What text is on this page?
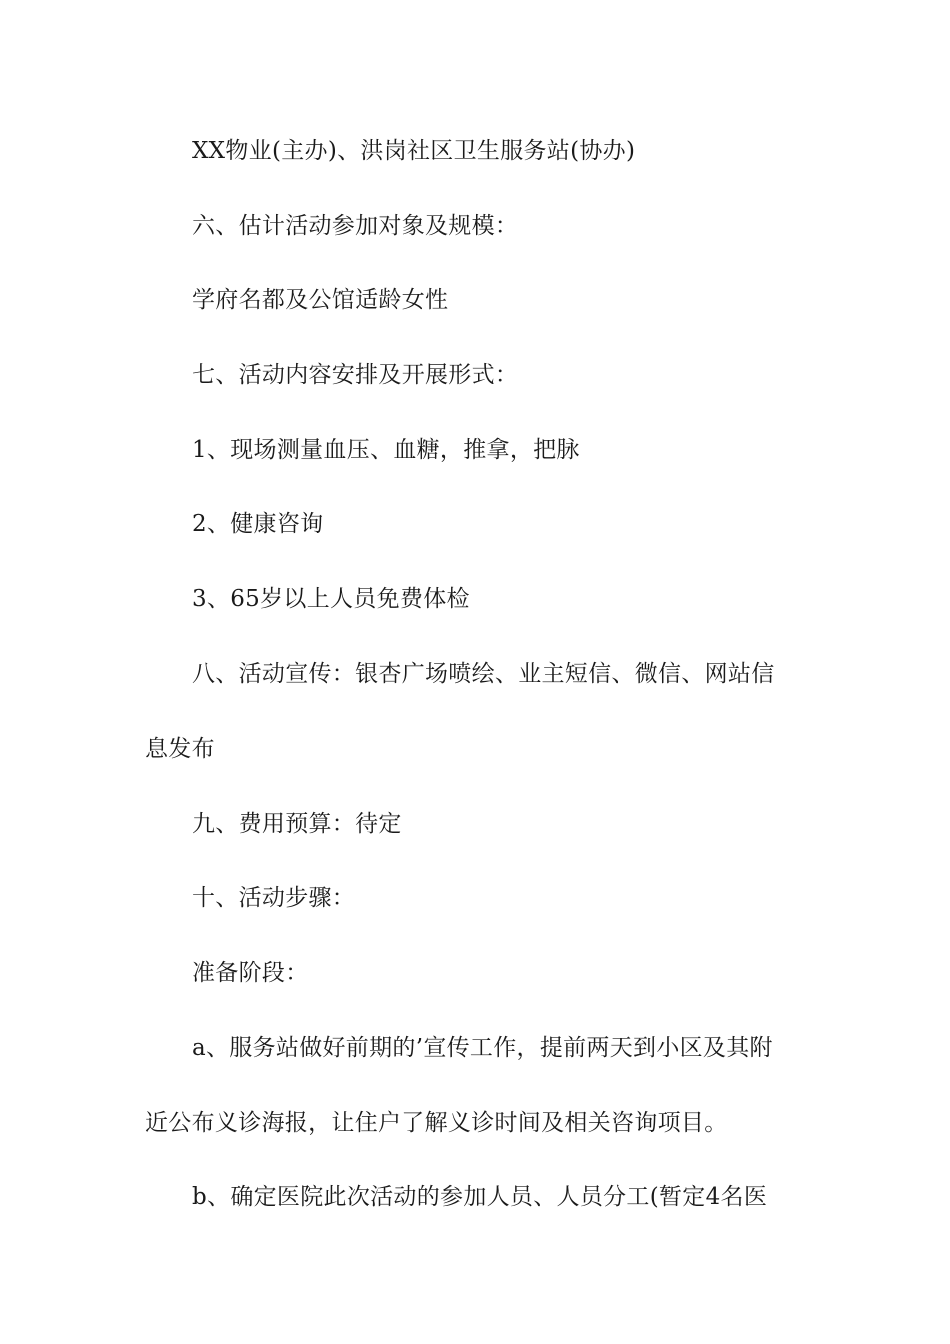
XX物业(主办)、洪岗社区卫生服务站(协办)
六、估计活动参加对象及规模：
学府名都及公馆适龄女性
七、活动内容安排及开展形式：
1、现场测量血压、血糖，推拿，把脉
2、健康咨询
3、65岁以上人员免费体检
八、活动宣传：银杏广场喷绘、业主短信、微信、网站信
息发布
九、费用预算：待定
十、活动步骤：
准备阶段：
a、服务站做好前期的’宣传工作，提前两天到小区及其附
近公布义诊海报，让住户了解义诊时间及相关咨询项目。
b、确定医院此次活动的参加人员、人员分工(暂定4名医
